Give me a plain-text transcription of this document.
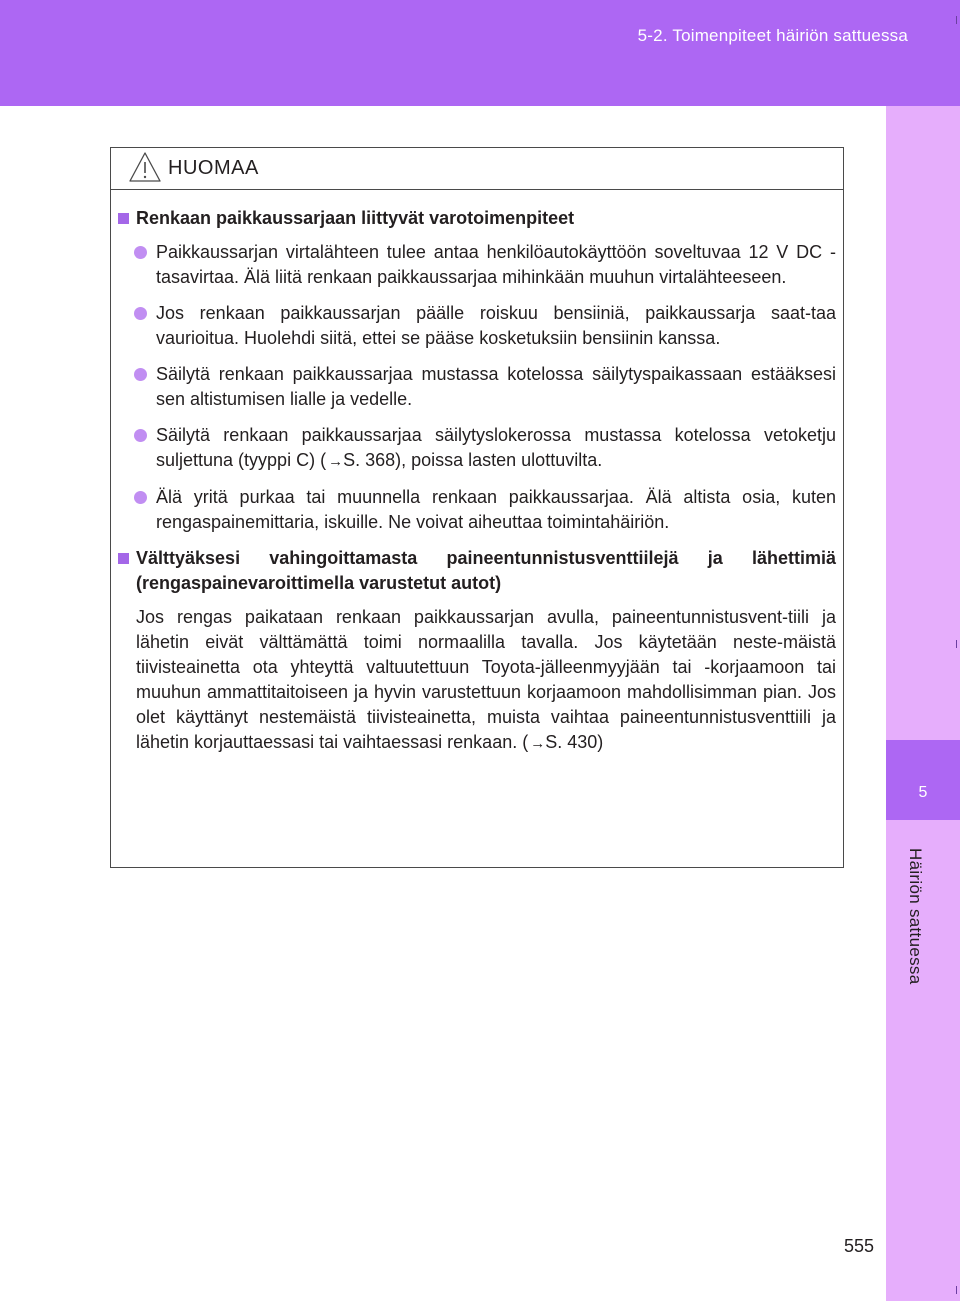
5-2. Toimenpiteet häiriön sattuessa
5
Häiriön sattuessa
HUOMAA
Renkaan paikkaussarjaan liittyvät varotoimenpiteet
Paikkaussarjan virtalähteen tulee antaa henkilöautokäyttöön soveltuvaa 12 V DC -tasavirtaa. Älä liitä renkaan paikkaussarjaa mihinkään muuhun virtalähteeseen.
Jos renkaan paikkaussarjan päälle roiskuu bensiiniä, paikkaussarja saat-taa vaurioitua. Huolehdi siitä, ettei se pääse kosketuksiin bensiinin kanssa.
Säilytä renkaan paikkaussarjaa mustassa kotelossa säilytyspaikassaan estääksesi sen altistumisen lialle ja vedelle.
Säilytä renkaan paikkaussarjaa säilytyslokerossa mustassa kotelossa vetoketju suljettuna (tyyppi C) ( →S. 368), poissa lasten ulottuvilta.
Älä yritä purkaa tai muunnella renkaan paikkaussarjaa. Älä altista osia, kuten rengaspainemittaria, iskuille. Ne voivat aiheuttaa toimintahäiriön.
Välttyäksesi vahingoittamasta paineentunnistusventtiilejä ja lähettimiä (rengaspainevaroittimella varustetut autot)
Jos rengas paikataan renkaan paikkaussarjan avulla, paineentunnistusvent-tiili ja lähetin eivät välttämättä toimi normaalilla tavalla. Jos käytetään neste-mäistä tiivisteainetta ota yhteyttä valtuutettuun Toyota-jälleenmyyjään tai -korjaamoon tai muuhun ammattitaitoiseen ja hyvin varustettuun korjaamoon mahdollisimman pian. Jos olet käyttänyt nestemäistä tiivisteainetta, muista vaihtaa paineentunnistusventtiili ja lähetin korjauttaessasi tai vaihtaessasi renkaan. ( →S. 430)
555
